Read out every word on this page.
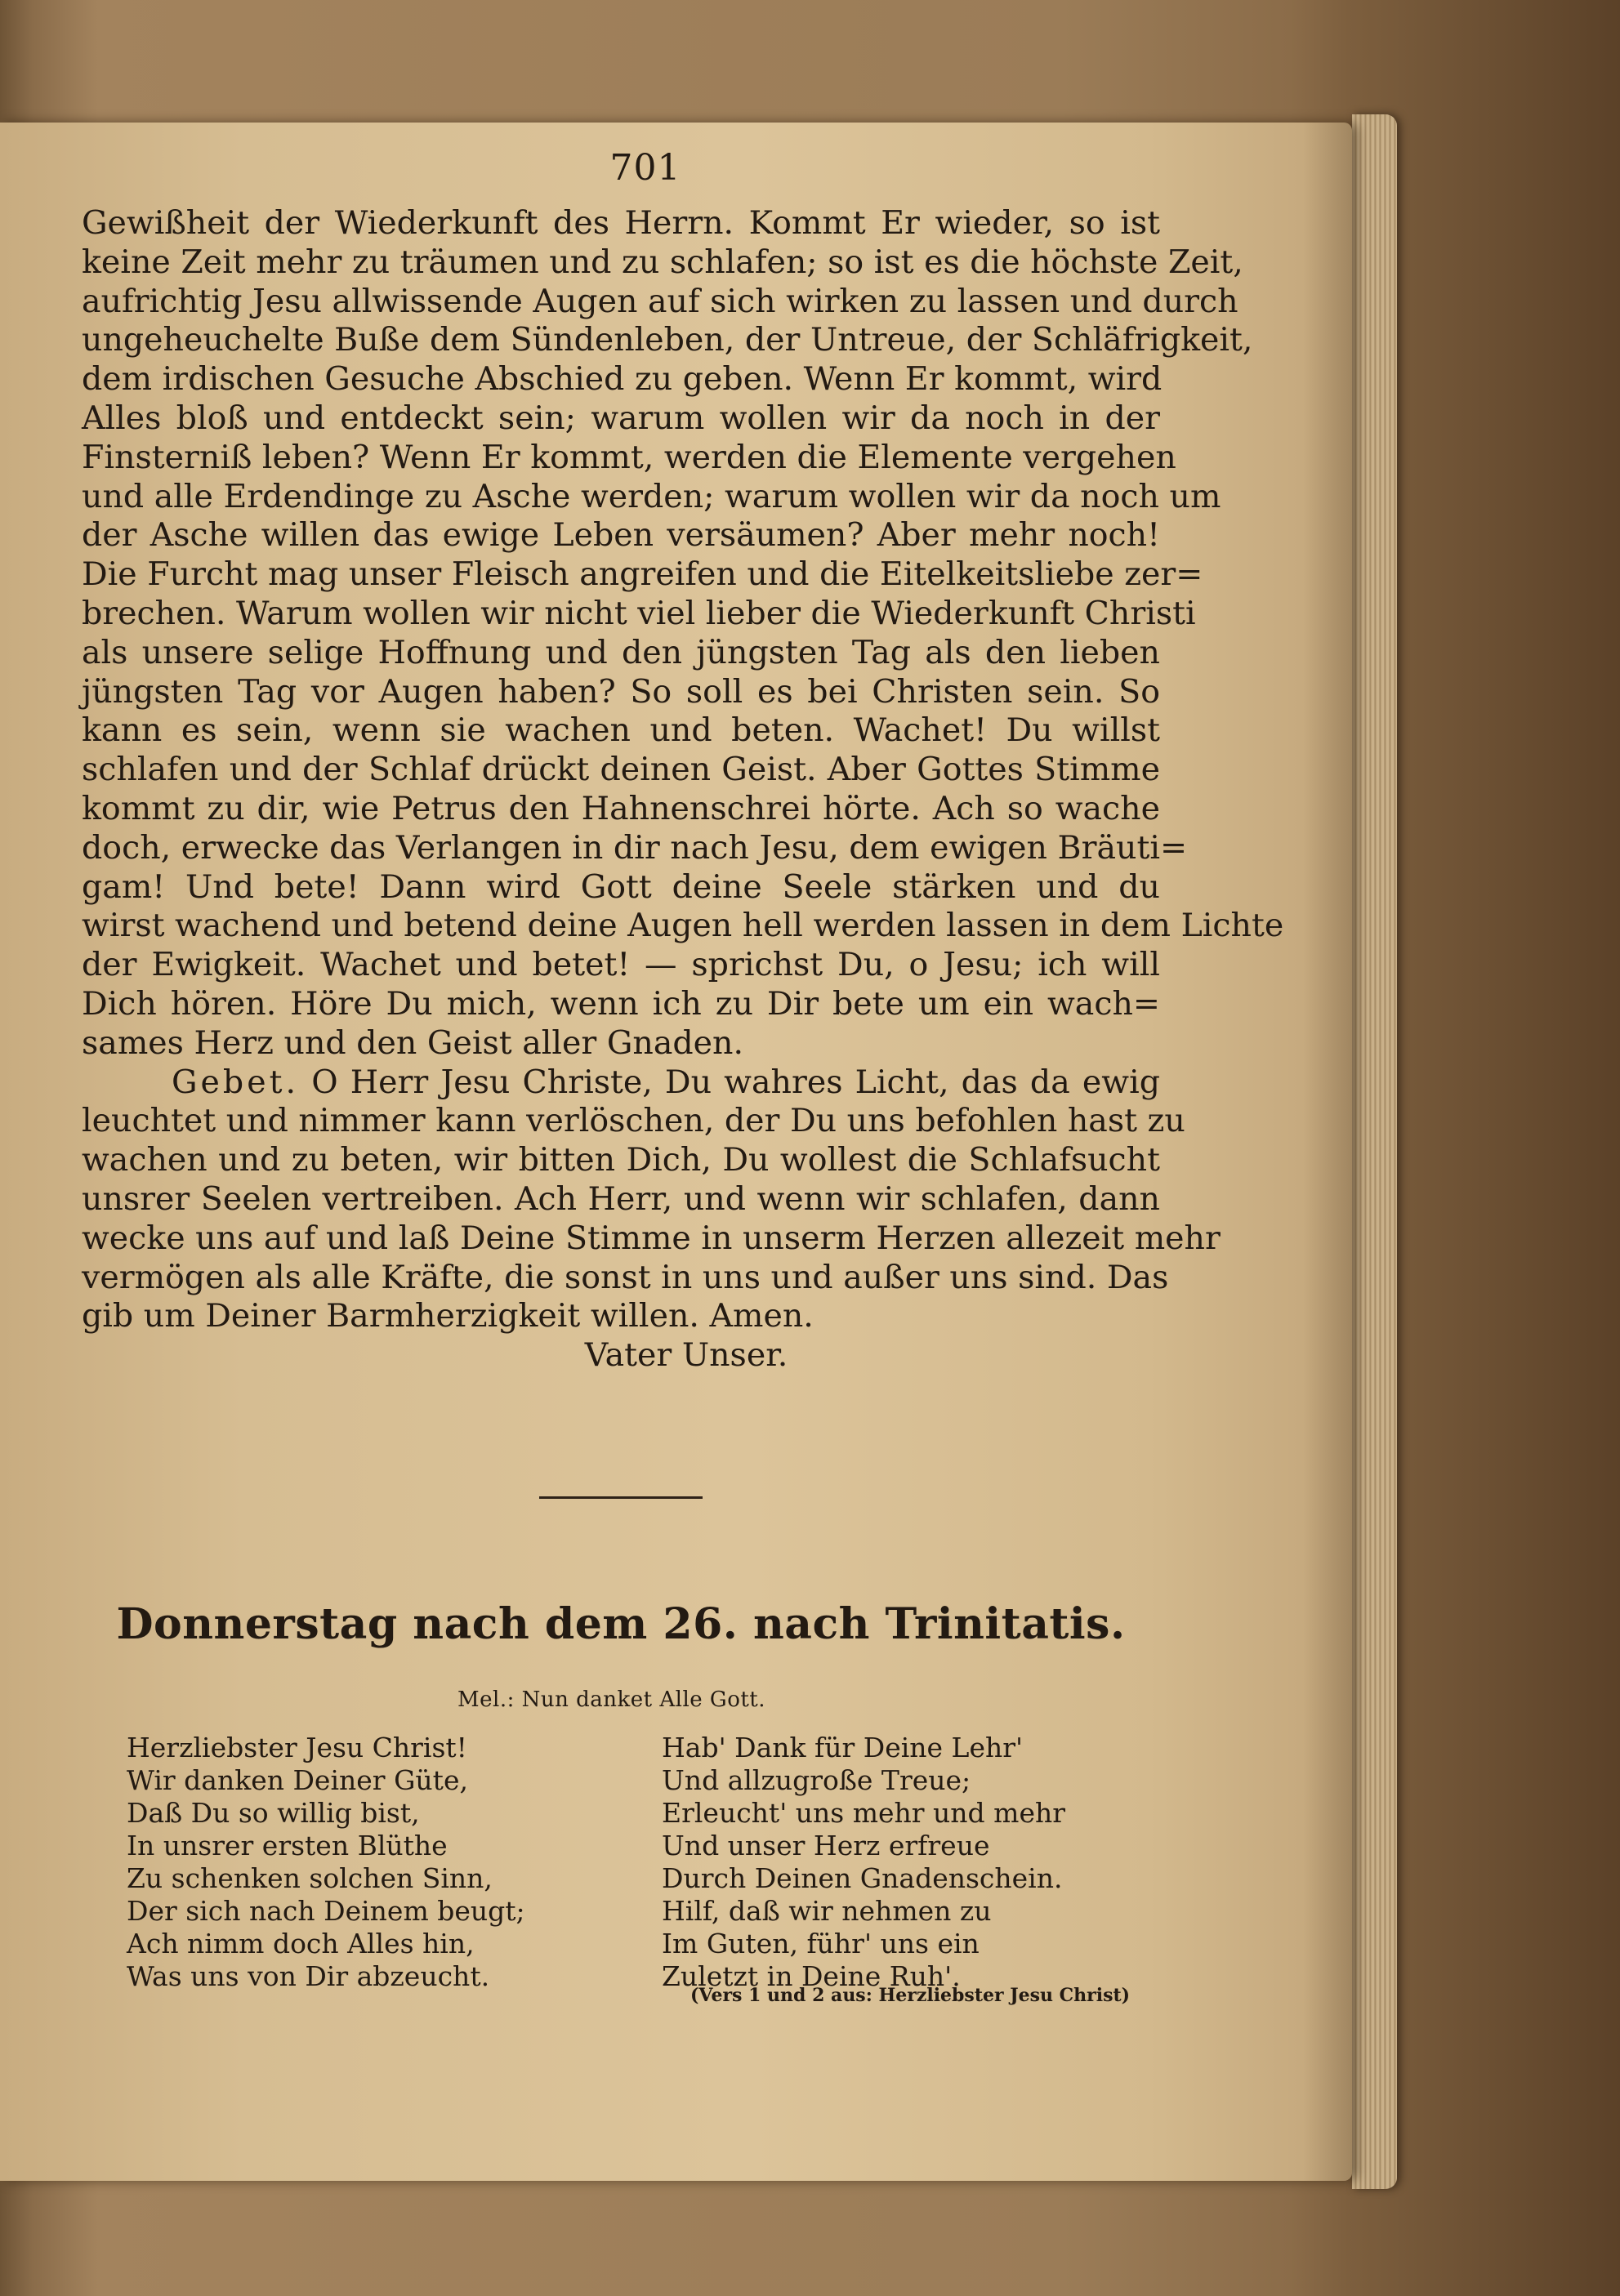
701
Gewißheit der Wiederkunft des Herrn. Kommt Er wieder, so ist
keine Zeit mehr zu träumen und zu schlafen; so ist es die höchste Zeit,
aufrichtig Jesu allwissende Augen auf sich wirken zu lassen und durch
ungeheuchelte Buße dem Sündenleben, der Untreue, der Schläfrigkeit,
dem irdischen Gesuche Abschied zu geben. Wenn Er kommt, wird
Alles bloß und entdeckt sein; warum wollen wir da noch in der
Finsterniß leben? Wenn Er kommt, werden die Elemente vergehen
und alle Erdendinge zu Asche werden; warum wollen wir da noch um
der Asche willen das ewige Leben versäumen? Aber mehr noch!
Die Furcht mag unser Fleisch angreifen und die Eitelkeitsliebe zer=
brechen. Warum wollen wir nicht viel lieber die Wiederkunft Christi
als unsere selige Hoffnung und den jüngsten Tag als den lieben
jüngsten Tag vor Augen haben? So soll es bei Christen sein. So
kann es sein, wenn sie wachen und beten. Wachet! Du willst
schlafen und der Schlaf drückt deinen Geist. Aber Gottes Stimme
kommt zu dir, wie Petrus den Hahnenschrei hörte. Ach so wache
doch, erwecke das Verlangen in dir nach Jesu, dem ewigen Bräuti=
gam! Und bete! Dann wird Gott deine Seele stärken und du
wirst wachend und betend deine Augen hell werden lassen in dem Lichte
der Ewigkeit. Wachet und betet! — sprichst Du, o Jesu; ich will
Dich hören. Höre Du mich, wenn ich zu Dir bete um ein wach=
sames Herz und den Geist aller Gnaden.
Gebet. O Herr Jesu Christe, Du wahres Licht, das da ewig
leuchtet und nimmer kann verlöschen, der Du uns befohlen hast zu
wachen und zu beten, wir bitten Dich, Du wollest die Schlafsucht
unsrer Seelen vertreiben. Ach Herr, und wenn wir schlafen, dann
wecke uns auf und laß Deine Stimme in unserm Herzen allezeit mehr
vermögen als alle Kräfte, die sonst in uns und außer uns sind. Das
gib um Deiner Barmherzigkeit willen. Amen.
Vater Unser.
Donnerstag nach dem 26. nach Trinitatis.
Mel.: Nun danket Alle Gott.
Herzliebster Jesu Christ!
Wir danken Deiner Güte,
Daß Du so willig bist,
In unsrer ersten Blüthe
Zu schenken solchen Sinn,
Der sich nach Deinem beugt;
Ach nimm doch Alles hin,
Was uns von Dir abzeucht.
Hab' Dank für Deine Lehr'
Und allzugroße Treue;
Erleucht' uns mehr und mehr
Und unser Herz erfreue
Durch Deinen Gnadenschein.
Hilf, daß wir nehmen zu
Im Guten, führ' uns ein
Zuletzt in Deine Ruh'.
(Vers 1 und 2 aus: Herzliebster Jesu Christ)
